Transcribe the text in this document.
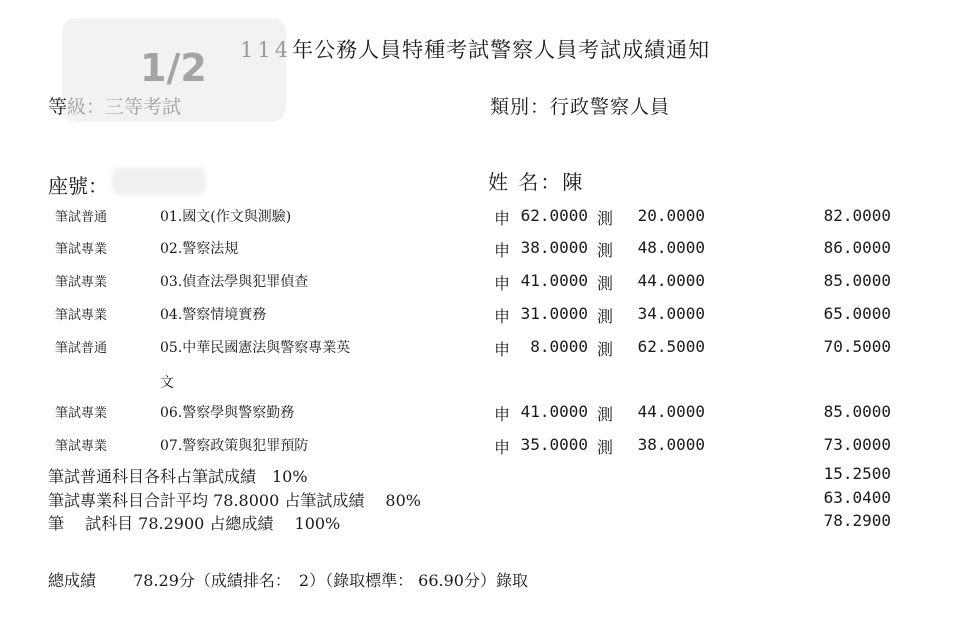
1/2 114年公務人員特種考試警察人員考試成績通知
等級：三等考試	類別：行政警察人員
座號：	姓 名：陳
筆試普通	01.國文(作文與測驗)	申 62.0000 測	20.0000	82.0000
筆試專業	02.警察法規	申 38.0000 測	48.0000	86.0000
筆試專業	03.偵查法學與犯罪偵查	申 41.0000 測	44.0000	85.0000
筆試專業	04.警察情境實務	申 31.0000 測	34.0000	65.0000
筆試普通	05.中華民國憲法與警察專業英	申	8.0000 測	62.5000	70.5000
文
筆試專業	06.警察學與警察勤務	申 41.0000 測	44.0000	85.0000
筆試專業	07.警察政策與犯罪預防	申 35.0000 測	38.0000	73.0000
筆試普通科目各科占筆試成績　10%	15.2500
筆試專業科目合計平均 78.8000 占筆試成績　 80%	63.0400
筆　 試科目 78.2900 占總成績　 100%	78.2900
總成績　　 78.29分（成績排名：　2）（錄取標準： 66.90分）錄取
